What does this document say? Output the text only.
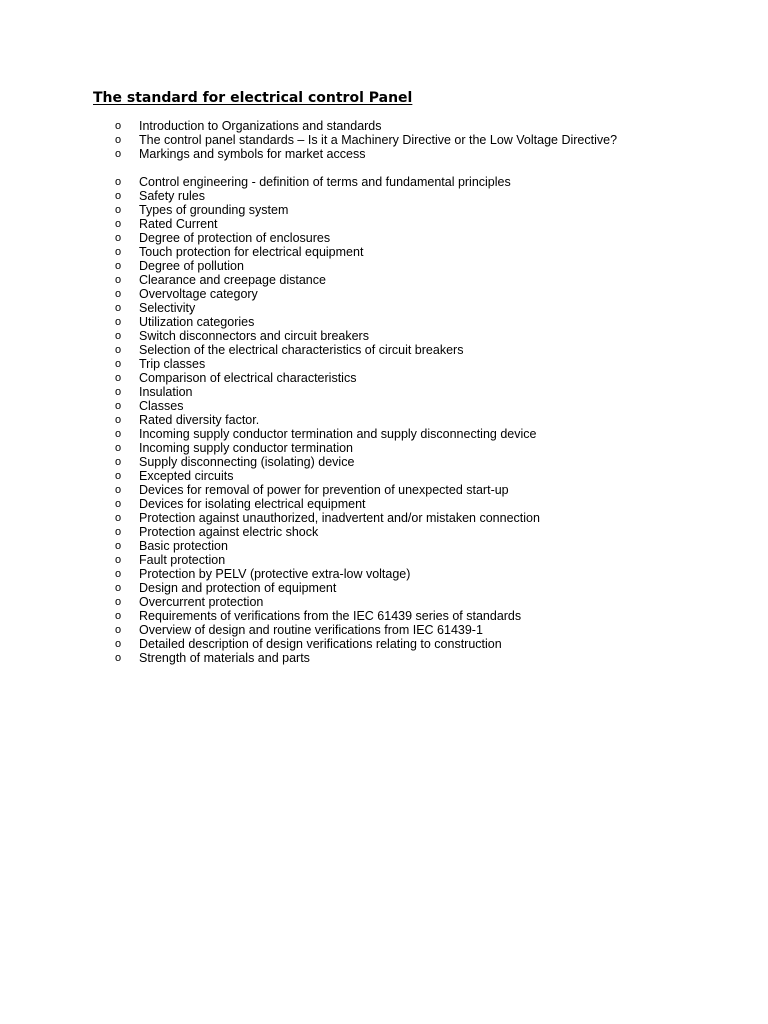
The standard for electrical control Panel
o	Introduction to Organizations and standards
o	The control panel standards – Is it a Machinery Directive or the Low Voltage Directive?
o	Markings and symbols for market access
o	Control engineering - definition of terms and fundamental principles
o	Safety rules
o	Types of grounding system
o	Rated Current
o	Degree of protection of enclosures
o	Touch protection for electrical equipment
o	Degree of pollution
o	Clearance and creepage distance
o	Overvoltage category
o	Selectivity
o	Utilization categories
o	Switch disconnectors and circuit breakers
o	Selection of the electrical characteristics of circuit breakers
o	Trip classes
o	Comparison of electrical characteristics
o	Insulation
o	Classes
o	Rated diversity factor.
o	Incoming supply conductor termination and supply disconnecting device
o	Incoming supply conductor termination
o	Supply disconnecting (isolating) device
o	Excepted circuits
o	Devices for removal of power for prevention of unexpected start-up
o	Devices for isolating electrical equipment
o	Protection against unauthorized, inadvertent and/or mistaken connection
o	Protection against electric shock
o	Basic protection
o	Fault protection
o	Protection by PELV (protective extra-low voltage)
o	Design and protection of equipment
o	Overcurrent protection
o	Requirements of verifications from the IEC 61439 series of standards
o	Overview of design and routine verifications from IEC 61439-1
o	Detailed description of design verifications relating to construction
o	Strength of materials and parts
